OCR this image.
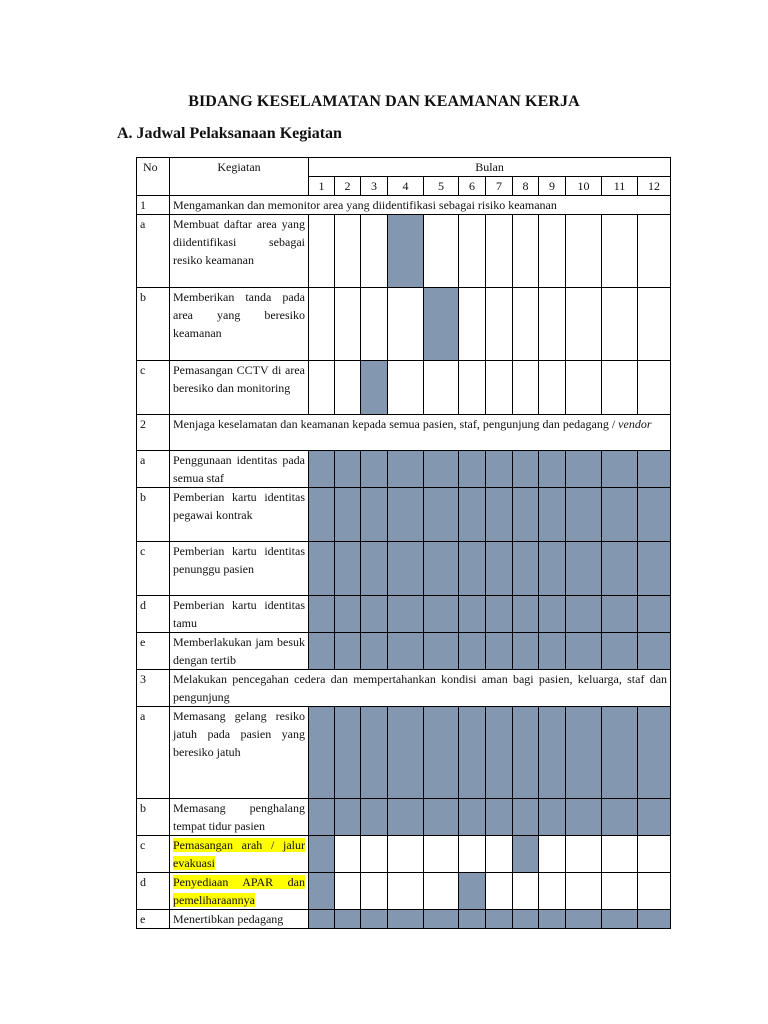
BIDANG KESELAMATAN DAN KEAMANAN KERJA
A. Jadwal Pelaksanaan Kegiatan
No	Kegiatan	Bulan											
		1	2	3	4	5	6	7	8	9	10	11	12
1	Mengamankan dan memonitor area yang diidentifikasi sebagai risiko keamanan												
a	Membuat daftar area yang diidentifikasi sebagai resiko keamanan												
b	Memberikan tanda pada area yang beresiko keamanan												
c	Pemasangan CCTV di area beresiko dan monitoring												
2	Menjaga keselamatan dan keamanan kepada semua pasien, staf, pengunjung dan pedagang / vendor												
a	Penggunaan identitas pada semua staf												
b	Pemberian kartu identitas pegawai kontrak												
c	Pemberian kartu identitas penunggu pasien												
d	Pemberian kartu identitas tamu												
e	Memberlakukan jam besuk dengan tertib												
3	Melakukan pencegahan cedera dan mempertahankan kondisi aman bagi pasien, keluarga, staf dan pengunjung												
a	Memasang gelang resiko jatuh pada pasien yang beresiko jatuh												
b	Memasang penghalang tempat tidur pasien												
c	Pemasangan arah / jalur evakuasi												
d	Penyediaan APAR dan pemeliharaannya												
e	Menertibkan pedagang												
